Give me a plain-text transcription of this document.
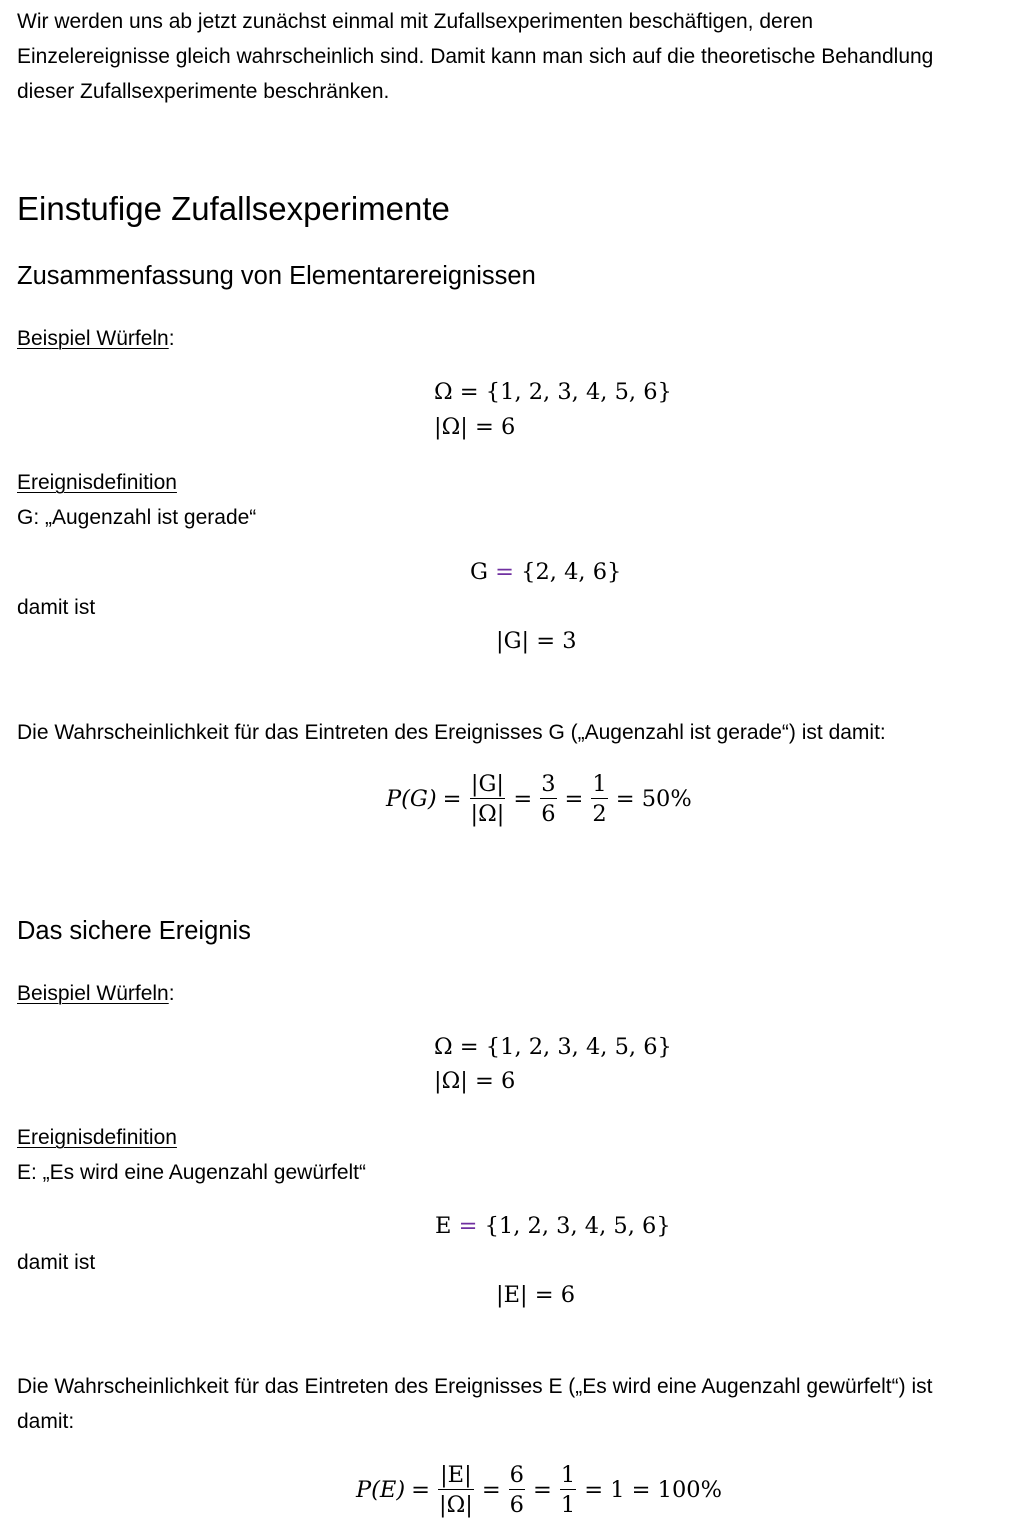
Wir werden uns ab jetzt zunächst einmal mit Zufallsexperimenten beschäftigen, deren
Einzelereignisse gleich wahrscheinlich sind. Damit kann man sich auf die theoretische Behandlung
dieser Zufallsexperimente beschränken.
Einstufige Zufallsexperimente
Zusammenfassung von Elementarereignissen
Beispiel Würfeln:
Ω = {1, 2, 3, 4, 5, 6}
|Ω| = 6
Ereignisdefinition
G: „Augenzahl ist gerade“
G = {2, 4, 6}
damit ist
|G| = 3
Die Wahrscheinlichkeit für das Eintreten des Ereignisses G („Augenzahl ist gerade“) ist damit:
$P(G) = \frac{|G|}{|\Omega|} = \frac{3}{6} = \frac{1}{2} = 50\%$
Das sichere Ereignis
Beispiel Würfeln:
Ω = {1, 2, 3, 4, 5, 6}
|Ω| = 6
Ereignisdefinition
E: „Es wird eine Augenzahl gewürfelt“
E = {1, 2, 3, 4, 5, 6}
damit ist
|E| = 6
Die Wahrscheinlichkeit für das Eintreten des Ereignisses E („Es wird eine Augenzahl gewürfelt“) ist
damit:
$P(E) = \frac{|E|}{|\Omega|} = \frac{6}{6} = \frac{1}{1} = 1 = 100\%$
